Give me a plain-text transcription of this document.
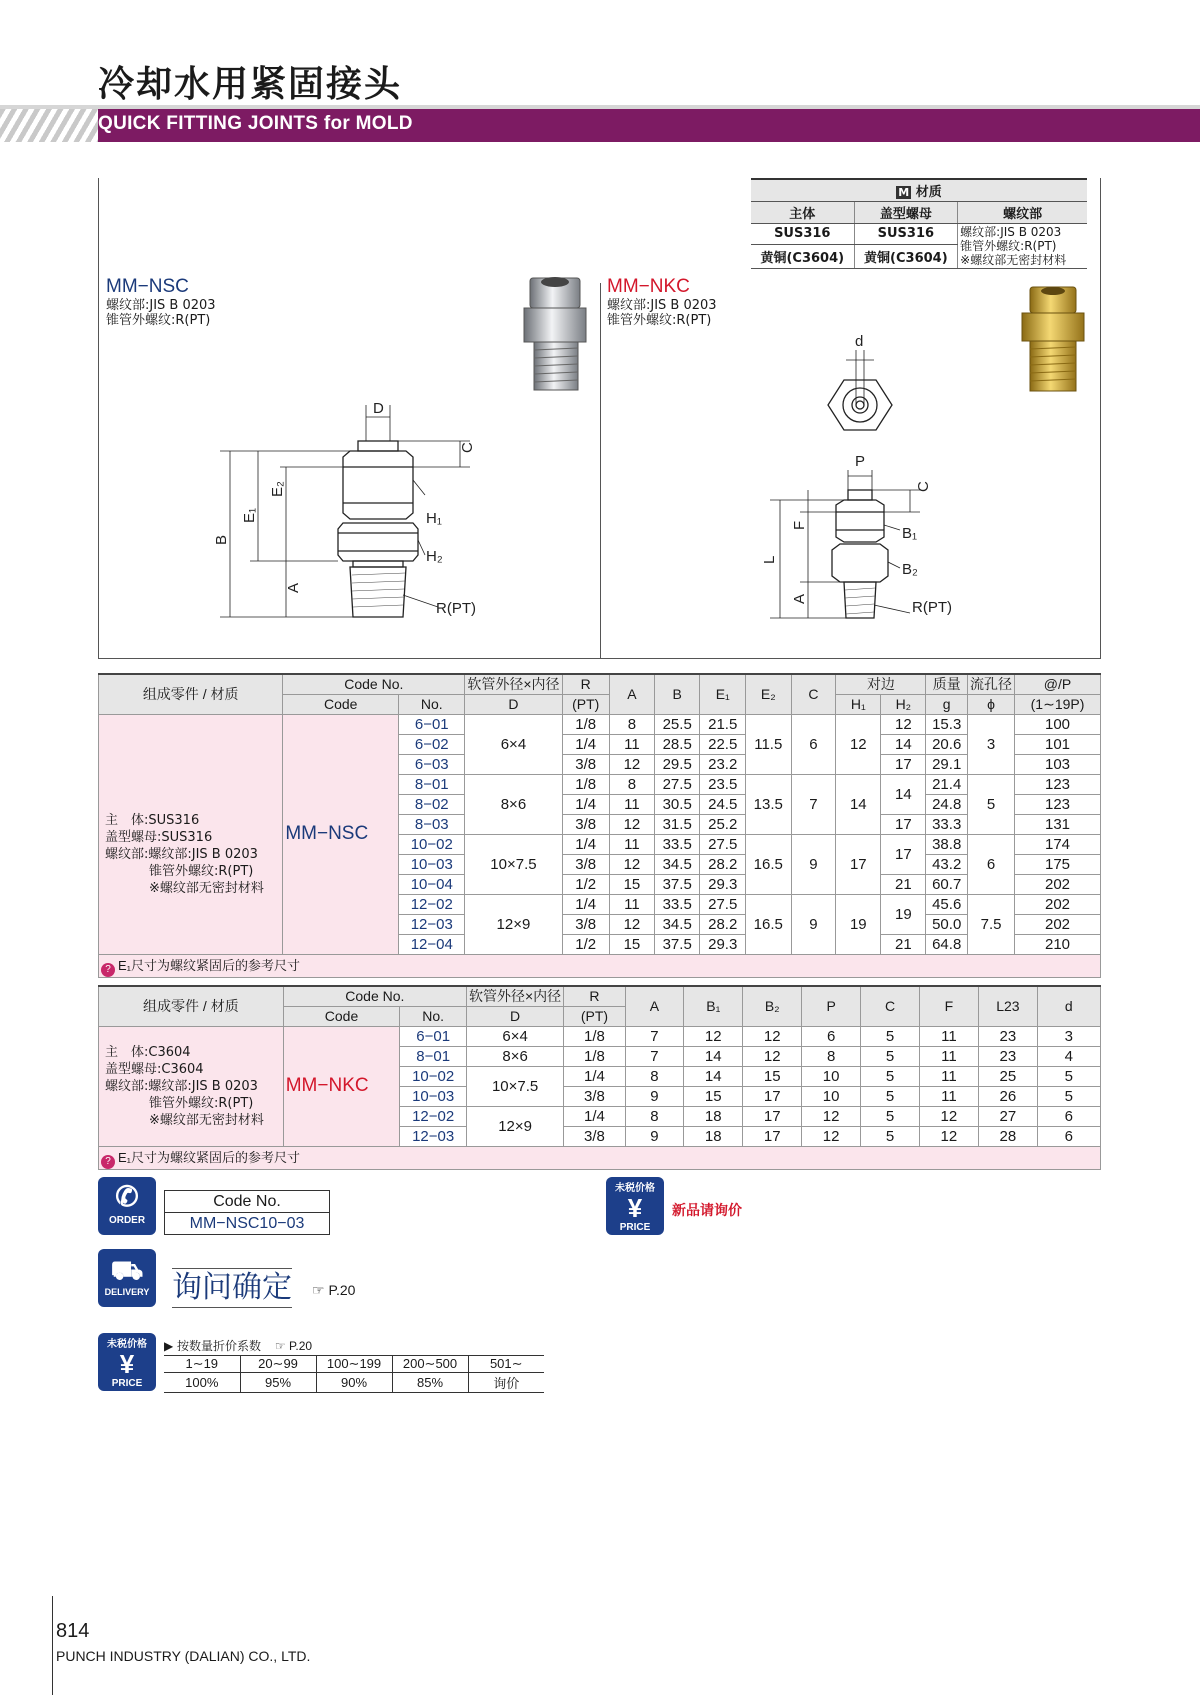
冷却水用紧固接头
QUICK FITTING JOINTS for MOLD
M 材质		
主体	盖型螺母	螺纹部
SUS316	SUS316	螺纹部:JIS B 0203
锥管外螺纹:R(PT)
※螺纹部无密封材料

黄铜(C3604)	黄铜(C3604)	
MM−NSC
螺纹部:JIS B 0203
锥管外螺纹:R(PT)
MM−NKC
螺纹部:JIS B 0203
锥管外螺纹:R(PT)
D
C
E₂
E₁
B
H₁
H₂
A
R(PT)
d
P
C
F
L
B₁
B₂
A
R(PT)
组成零件 / 材质	Code No.		软管外径×内径	R	A	B	E₁	E₂	C	对边		质量	流孔径	@/P
	Code	No.	D	(PT)						H₁	H₂	g	ϕ	(1∼19P)

主　体:SUS316
盖型螺母:SUS316
螺纹部:螺纹部:JIS B 0203
锥管外螺纹:R(PT)
※螺纹部无密封材料	MM−NSC	6−01	6×4	1/8	8	25.5	21.5	11.5	6	12	12	15.3	3	100
		6−02		1/4	11	28.5	22.5				14	20.6		101
		6−03		3/8	12	29.5	23.2				17	29.1		103
		8−01	8×6	1/8	8	27.5	23.5	13.5	7	14	14	21.4	5	123
		8−02		1/4	11	30.5	24.5					24.8		123
		8−03		3/8	12	31.5	25.2				17	33.3		131
		10−02	10×7.5	1/4	11	33.5	27.5	16.5	9	17	17	38.8	6	174
		10−03		3/8	12	34.5	28.2					43.2		175
		10−04		1/2	15	37.5	29.3				21	60.7		202
		12−02	12×9	1/4	11	33.5	27.5	16.5	9	19	19	45.6	7.5	202
		12−03		3/8	12	34.5	28.2					50.0		202
		12−04		1/2	15	37.5	29.3				21	64.8		210
? E₁尺寸为螺纹紧固后的参考尺寸														
组成零件 / 材质	Code No.		软管外径×内径	R	A	B₁	B₂	P	C	F	L23	d
	Code	No.	D	(PT)								

主　体:C3604
盖型螺母:C3604
螺纹部:螺纹部:JIS B 0203
锥管外螺纹:R(PT)
※螺纹部无密封材料	MM−NKC	6−01	6×4	1/8	7	12	12	6	5	11	23	3
		8−01	8×6	1/8	7	14	12	8	5	11	23	4
		10−02	10×7.5	1/4	8	14	15	10	5	11	25	5
		10−03		3/8	9	15	17	10	5	11	26	5
		12−02	12×9	1/4	8	18	17	12	5	12	27	6
		12−03		3/8	9	18	17	12	5	12	28	6
? E₁尺寸为螺纹紧固后的参考尺寸												
✆
ORDER
Code No.
MM−NSC10−03
未税价格
¥
PRICE
新品请询价
⛟
DELIVERY 询问确定 ☞ P.20
未税价格
¥
PRICE
▶ 按数量折价系数 ☞ P.20
1∼19	20∼99	100∼199	200∼500	501∼
100%	95%	90%	85%	询价
814
PUNCH INDUSTRY (DALIAN) CO., LTD.
